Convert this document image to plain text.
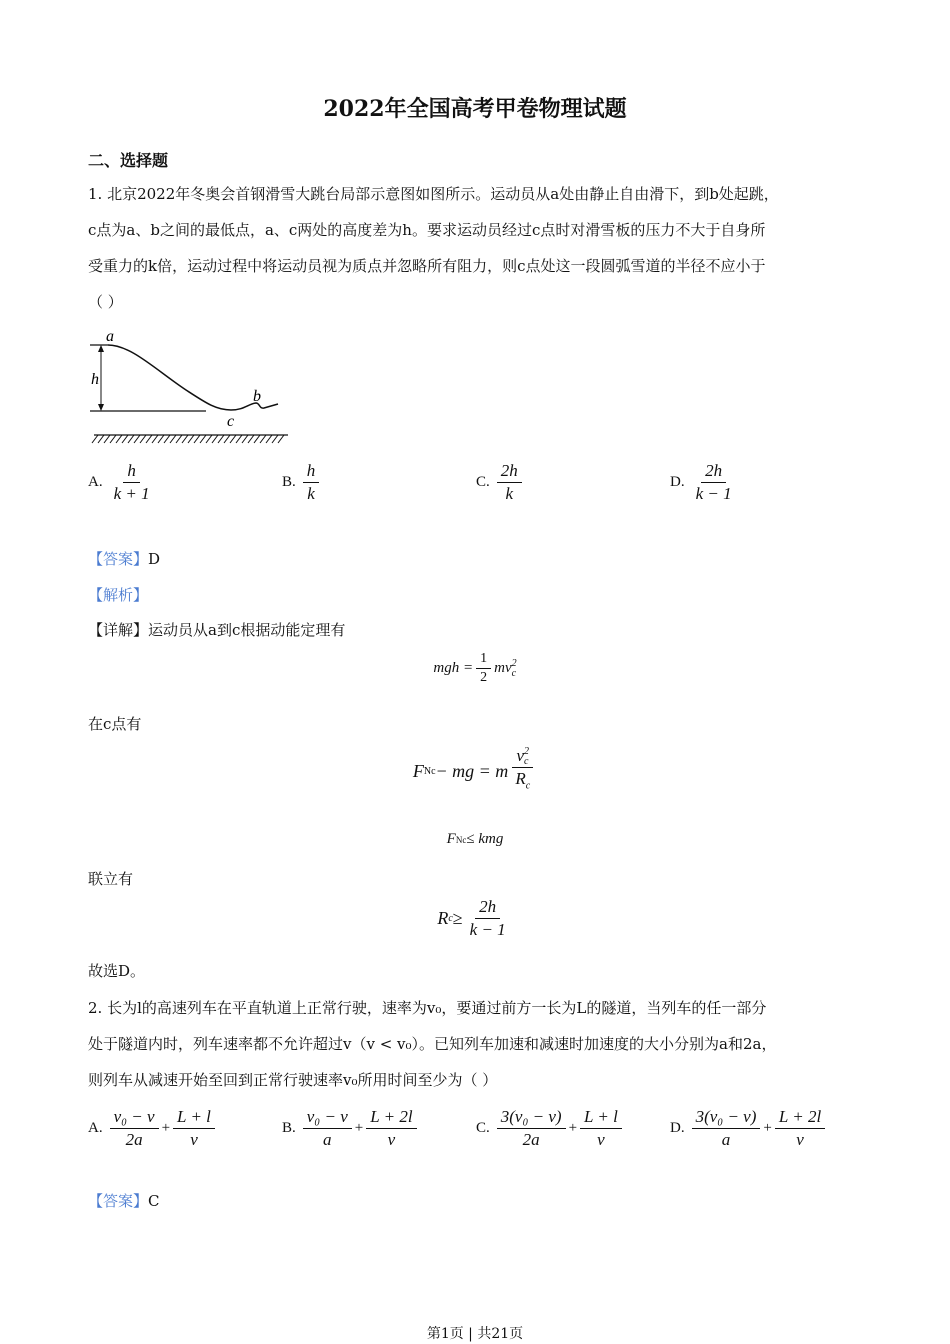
2022年全国高考甲卷物理试题
二、选择题
1. 北京2022年冬奥会首钢滑雪大跳台局部示意图如图所示。运动员从a处由静止自由滑下，到b处起跳，
c点为a、b之间的最低点，a、c两处的高度差为h。要求运动员经过c点时对滑雪板的压力不大于自身所
受重力的k倍，运动过程中将运动员视为质点并忽略所有阻力，则c点处这一段圆弧雪道的半径不应小于
（ ）
a
h
b
c
A. $\frac{h}{k + 1}$	B. $\frac{h}{k}$	C. $\frac{2h}{k}$	D. $\frac{2h}{k - 1}$
【答案】D
【解析】
【详解】运动员从a到c根据动能定理有
mgh = $\frac{1}{2}$ mv 2
c
在c点有
F Nc − mg = m v 2
c
$R_c$
F Nc ≤ kmg
联立有
R $c \ge \frac{2h}{k - 1}$
故选D。
2. 长为l的高速列车在平直轨道上正常行驶，速率为v₀，要通过前方一长为L的隧道，当列车的任一部分
处于隧道内时，列车速率都不允许超过v（v < v₀）。已知列车加速和减速时加速度的大小分别为a和2a，
则列车从减速开始至回到正常行驶速率v₀所用时间至少为（ ）
A. $\frac{\text{v₀ − v}}{2a} + \frac{L + l}{v}$	B. $\frac{\text{v₀ − v}}{a} + \frac{L + 2l}{v}$	C. $\frac{\text{3(v₀ − v)}}{2a} + \frac{L + l}{v}$	D. $\frac{\text{3(v₀ − v)}}{a} + \frac{L + 2l}{v}$
【答案】C
第1页 | 共21页
